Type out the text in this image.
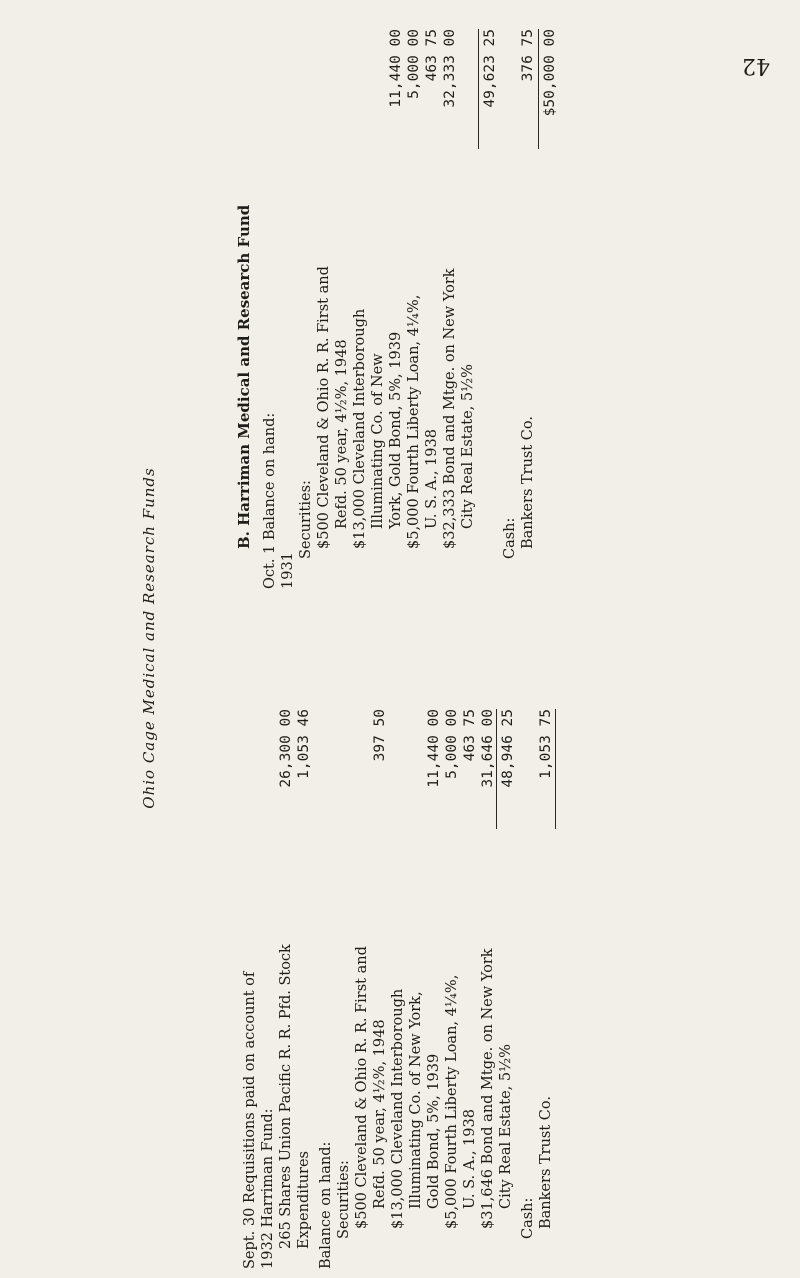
42
Ohio Cage Medical and Research Funds
B. Harriman Medical and Research Fund Oct. 1 Balance on hand: 1931
Securities: $500 Cleveland & Ohio R. R. First and Refd. 50 year, 4½%, 1948 $13,000 Cleveland Interborough Illuminating Co. of New York, Gold Bond, 5%, 1939
11,440 00
$5,000 Fourth Liberty Loan, 4¼%,
5,000 00
U. S. A., 1938
463 75
$32,333 Bond and Mtge. on New York
32,333 00
City Real Estate, 5½%
49,623 25
Cash: Bankers Trust Co.
376 75 $50,000 00
Sept. 30 Requisitions paid on account of 1932 Harriman Fund: 265 Shares Union Pacific R. R. Pfd. Stock
26,300 00
Expenditures
1,053 46
Balance on hand: Securities: $500 Cleveland & Ohio R. R. First and Refd. 50 year, 4½%, 1948
397 50
$13,000 Cleveland Interborough Illuminating Co. of New York, Gold Bond, 5%, 1939
11,440 00
$5,000 Fourth Liberty Loan, 4¼%,
5,000 00
U. S. A., 1938
463 75
$31,646 Bond and Mtge. on New York
31,646 00
City Real Estate, 5½%
48,946 25
Cash: Bankers Trust Co.
1,053 75
